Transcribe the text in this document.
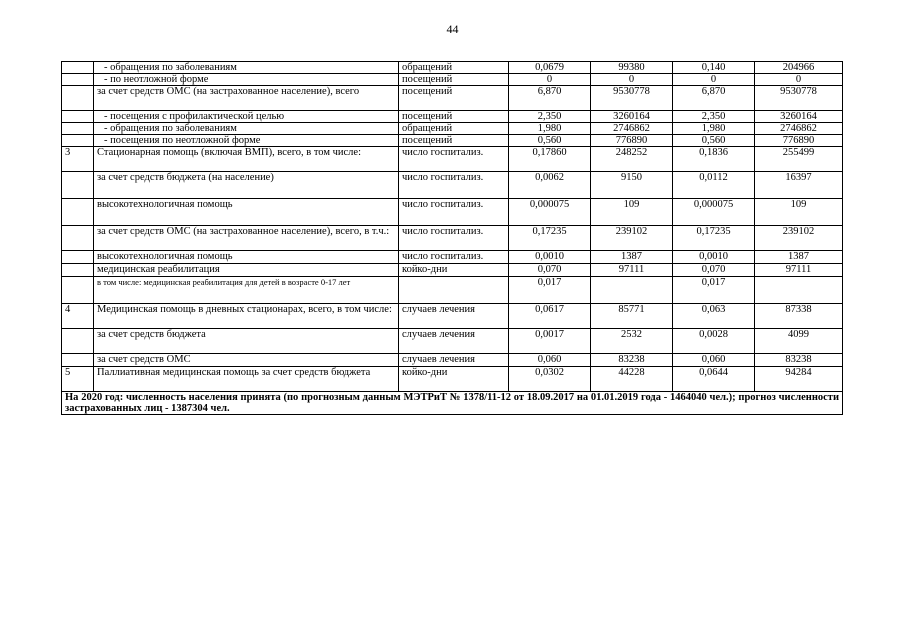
44
	- обращения по заболеваниям	обращений	0,0679	99380	0,140	204966
	- по неотложной форме	посещений	0	0	0	0
	за счет средств ОМС (на застрахованное население), всего	посещений	6,870	9530778	6,870	9530778
	- посещения с профилактической целью	посещений	2,350	3260164	2,350	3260164
	- обращения по заболеваниям	обращений	1,980	2746862	1,980	2746862
	- посещения по неотложной форме	посещений	0,560	776890	0,560	776890
3	Стационарная помощь (включая ВМП), всего, в том числе:	число госпитализ.	0,17860	248252	0,1836	255499
	за счет средств бюджета (на население)	число госпитализ.	0,0062	9150	0,0112	16397
	высокотехнологичная помощь	число госпитализ.	0,000075	109	0,000075	109
	за счет средств ОМС (на застрахованное население), всего, в т.ч.:	число госпитализ.	0,17235	239102	0,17235	239102
	высокотехнологичная помощь	число госпитализ.	0,0010	1387	0,0010	1387
	медицинская реабилитация	койко-дни	0,070	97111	0,070	97111
	в том числе: медицинская реабилитация для детей в возрасте 0-17 лет		0,017		0,017	
4	Медицинская помощь в дневных стационарах, всего, в том числе:	случаев лечения	0,0617	85771	0,063	87338
	за счет средств бюджета	случаев лечения	0,0017	2532	0,0028	4099
	за счет средств ОМС	случаев лечения	0,060	83238	0,060	83238
5	Паллиативная медицинская помощь за счет средств бюджета	койко-дни	0,0302	44228	0,0644	94284
На 2020 год: численность населения принята (по прогнозным данным МЭТРиТ № 1378/11-12 от 18.09.2017 на 01.01.2019 года - 1464040 чел.); прогноз численности застрахованных лиц - 1387304 чел.						
